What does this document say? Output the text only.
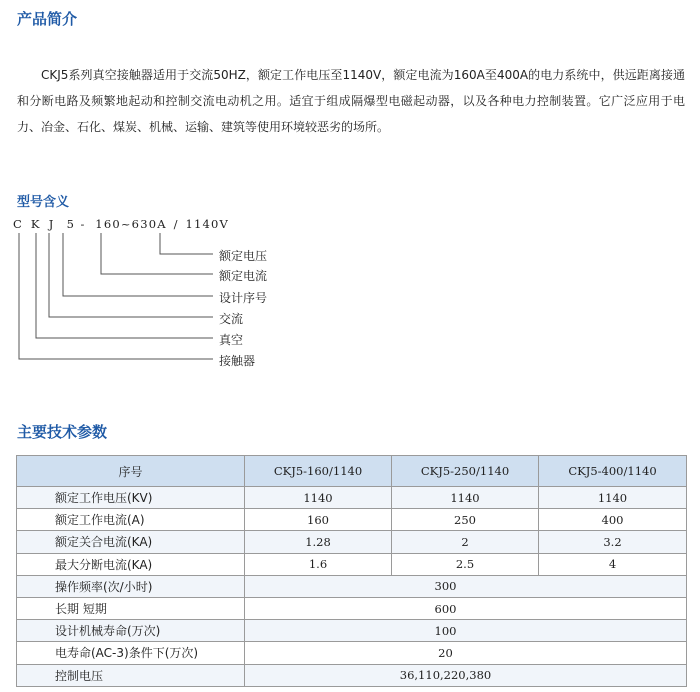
产品简介

CKJ5系列真空接触器适用于交流50HZ，额定工作电压至1140V，额定电流为160A至400A的电力系统中，供远距离接通和分断电路及频繁地起动和控制交流电动机之用。适宜于组成隔爆型电磁起动器，以及各种电力控制装置。它广泛应用于电力、冶金、石化、煤炭、机械、运输、建筑等使用环境较恶劣的场所。

型号含义
C K J 5 - 160~630A / 1140V
额定电压
额定电流
设计序号
交流
真空
接触器
主要技术参数
序号	CKJ5-160/1140	CKJ5-250/1140	CKJ5-400/1140
额定工作电压(KV)	1140	1140	1140
额定工作电流(A)	160	250	400
额定关合电流(KA)	1.28	2	3.2
最大分断电流(KA)	1.6	2.5	4
操作频率(次/小时)	300		
长期 短期	600		
设计机械寿命(万次)	100		
电寿命(AC-3)条件下(万次)	20		
控制电压	36,110,220,380		
